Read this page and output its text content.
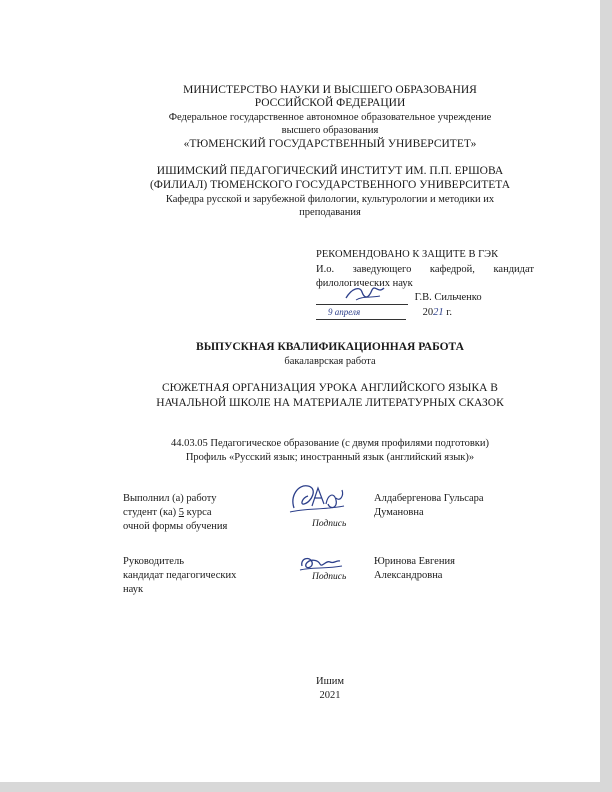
МИНИСТЕРСТВО НАУКИ И ВЫСШЕГО ОБРАЗОВАНИЯ
РОССИЙСКОЙ ФЕДЕРАЦИИ
Федеральное государственное автономное образовательное учреждение
высшего образования
«ТЮМЕНСКИЙ ГОСУДАРСТВЕННЫЙ УНИВЕРСИТЕТ»
ИШИМСКИЙ ПЕДАГОГИЧЕСКИЙ ИНСТИТУТ ИМ. П.П. ЕРШОВА
(ФИЛИАЛ) ТЮМЕНСКОГО ГОСУДАРСТВЕННОГО УНИВЕРСИТЕТА
Кафедра русской и зарубежной филологии, культурологии и методики их
преподавания
РЕКОМЕНДОВАНО К ЗАЩИТЕ В ГЭК
И.о. заведующего кафедрой, кандидат
филологических наук
Г.В. Сильченко
9 апреля	2021 г.
ВЫПУСКНАЯ КВАЛИФИКАЦИОННАЯ РАБОТА
бакалаврская работа
СЮЖЕТНАЯ ОРГАНИЗАЦИЯ УРОКА АНГЛИЙСКОГО ЯЗЫКА В
НАЧАЛЬНОЙ ШКОЛЕ НА МАТЕРИАЛЕ ЛИТЕРАТУРНЫХ СКАЗОК
44.03.05 Педагогическое образование (с двумя профилями подготовки)
Профиль «Русский язык; иностранный язык (английский язык)»
Выполнил (а) работу
студент (ка) 5 курса
очной формы обучения	Подпись
Алдабергенова Гульсара
Думановна
Руководитель
кандидат педагогических
наук
Подпись
Юринова Евгения
Александровна
Ишим
2021
